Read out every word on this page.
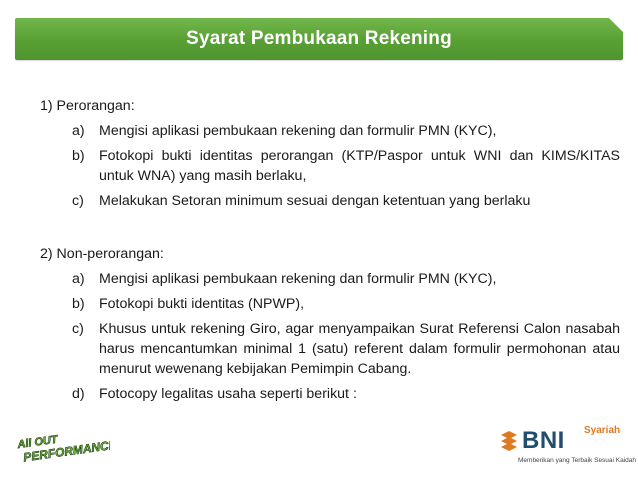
Syarat Pembukaan Rekening
1) Perorangan:
a)	Mengisi aplikasi pembukaan rekening dan formulir PMN (KYC),
b)	Fotokopi bukti identitas perorangan (KTP/Paspor untuk WNI dan KIMS/KITAS untuk WNA) yang masih berlaku,
c)	Melakukan Setoran minimum sesuai dengan ketentuan yang berlaku
2) Non-perorangan:
a)	Mengisi aplikasi pembukaan rekening dan formulir PMN (KYC),
b)	Fotokopi bukti identitas (NPWP),
c)	Khusus untuk rekening Giro, agar menyampaikan Surat Referensi Calon nasabah harus mencantumkan minimal 1 (satu) referent dalam formulir permohonan atau menurut wewenang kebijakan Pemimpin Cabang.
d)	Fotocopy legalitas usaha seperti berikut :
All OUT
PERFORMANCE!	BNI Syariah
Memberikan yang Terbaik Sesuai Kaidah
